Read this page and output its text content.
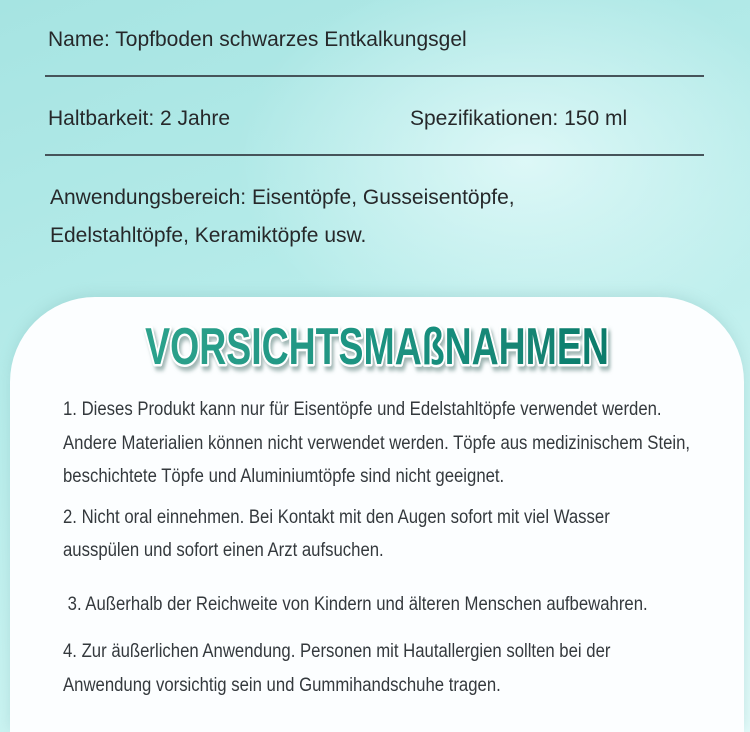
Name: Topfboden schwarzes Entkalkungsgel
Haltbarkeit: 2 Jahre	Spezifikationen: 150 ml
Anwendungsbereich: Eisentöpfe, Gusseisentöpfe,
Edelstahltöpfe, Keramiktöpfe usw.
VORSICHTSMAßNAHMEN
1. Dieses Produkt kann nur für Eisentöpfe und Edelstahltöpfe verwendet werden.
Andere Materialien können nicht verwendet werden. Töpfe aus medizinischem Stein,
beschichtete Töpfe und Aluminiumtöpfe sind nicht geeignet.
2. Nicht oral einnehmen. Bei Kontakt mit den Augen sofort mit viel Wasser
ausspülen und sofort einen Arzt aufsuchen.
3. Außerhalb der Reichweite von Kindern und älteren Menschen aufbewahren.
4. Zur äußerlichen Anwendung. Personen mit Hautallergien sollten bei der
Anwendung vorsichtig sein und Gummihandschuhe tragen.
